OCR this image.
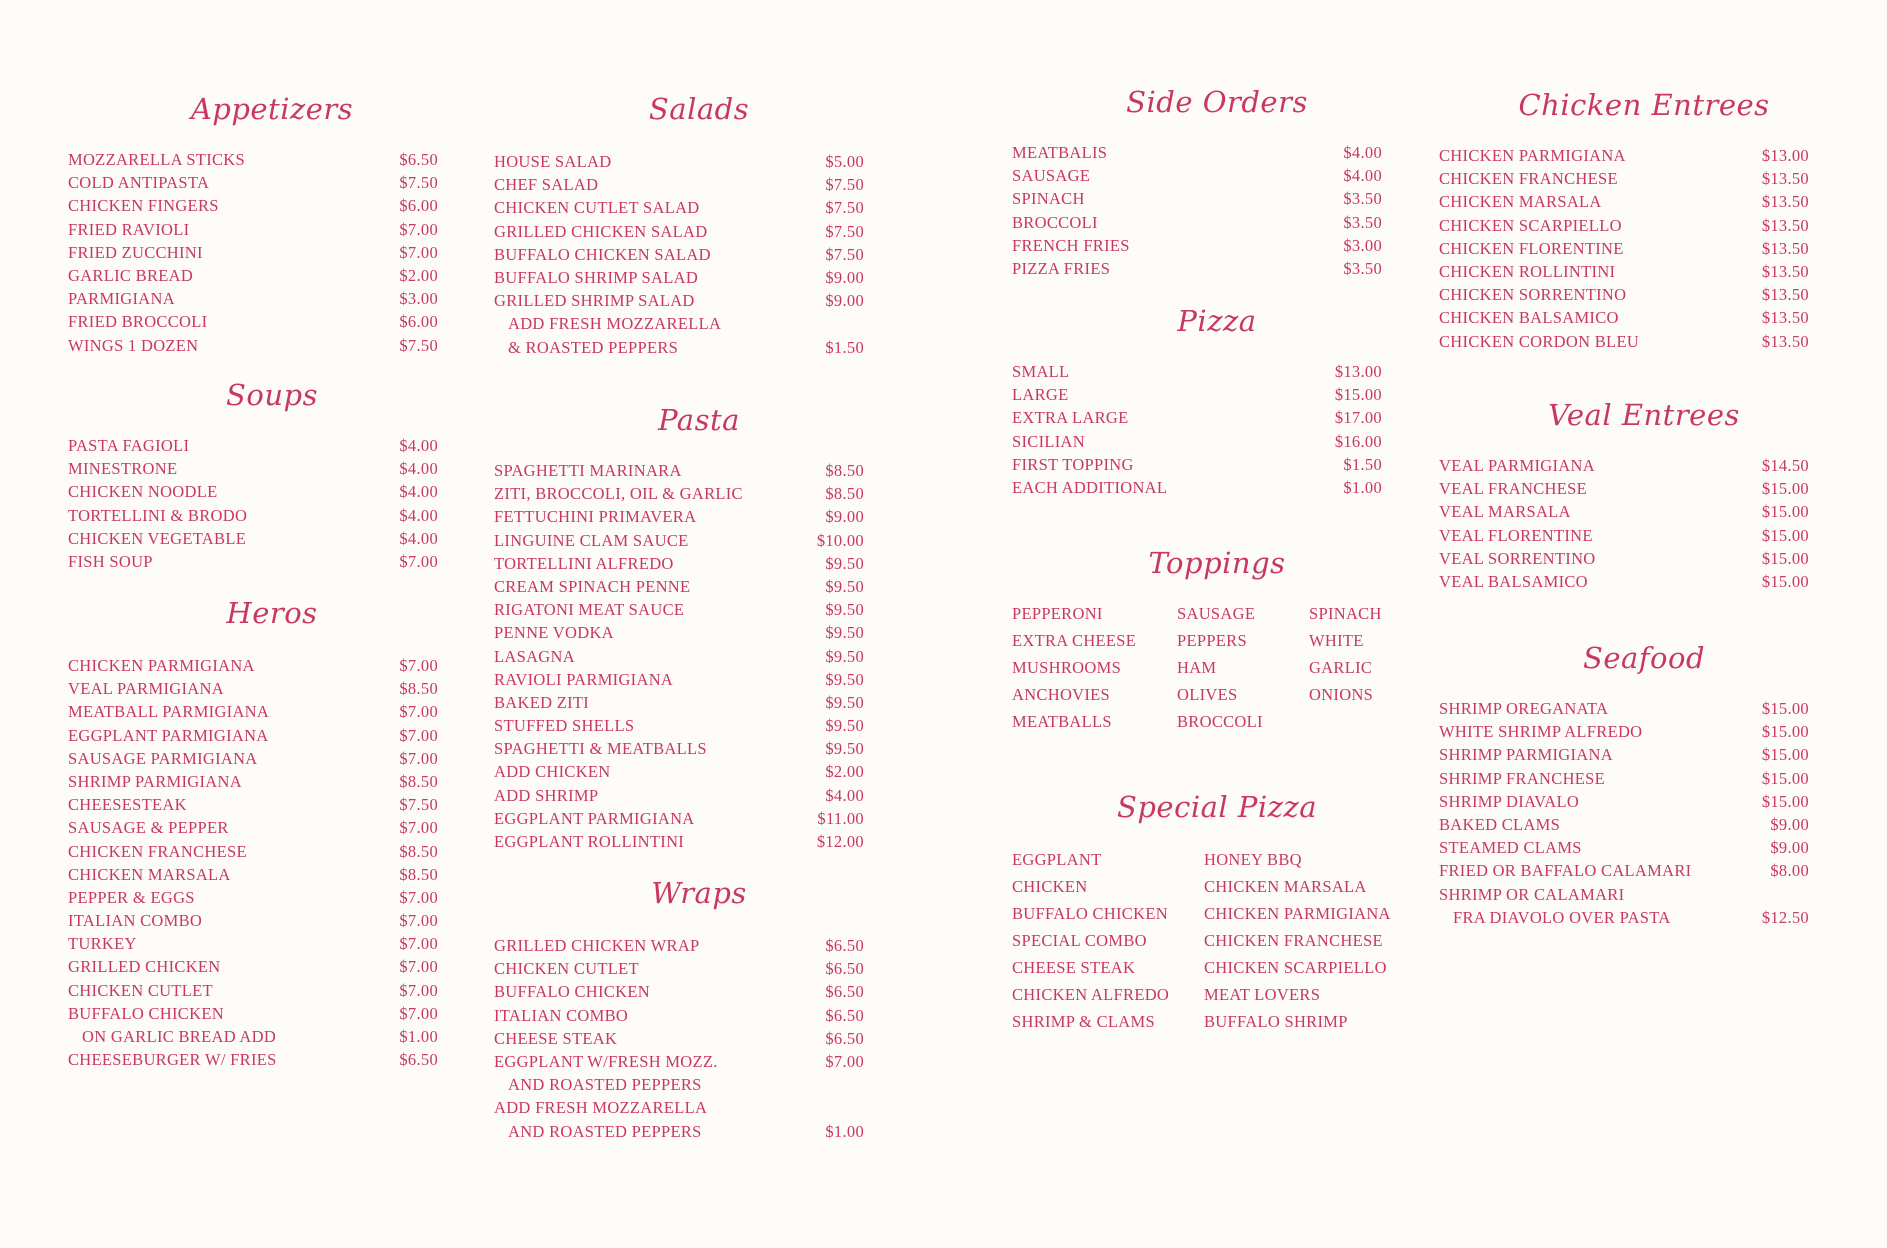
Appetizers
MOZZARELLA STICKS	$6.50
COLD ANTIPASTA	$7.50
CHICKEN FINGERS	$6.00
FRIED RAVIOLI	$7.00
FRIED ZUCCHINI	$7.00
GARLIC BREAD	$2.00
PARMIGIANA	$3.00
FRIED BROCCOLI	$6.00
WINGS 1 DOZEN	$7.50
Soups
PASTA FAGIOLI	$4.00
MINESTRONE	$4.00
CHICKEN NOODLE	$4.00
TORTELLINI & BRODO	$4.00
CHICKEN VEGETABLE	$4.00
FISH SOUP	$7.00
Heros
CHICKEN PARMIGIANA	$7.00
VEAL PARMIGIANA	$8.50
MEATBALL PARMIGIANA	$7.00
EGGPLANT PARMIGIANA	$7.00
SAUSAGE PARMIGIANA	$7.00
SHRIMP PARMIGIANA	$8.50
CHEESESTEAK	$7.50
SAUSAGE & PEPPER	$7.00
CHICKEN FRANCHESE	$8.50
CHICKEN MARSALA	$8.50
PEPPER & EGGS	$7.00
ITALIAN COMBO	$7.00
TURKEY	$7.00
GRILLED CHICKEN	$7.00
CHICKEN CUTLET	$7.00
BUFFALO CHICKEN	$7.00
ON GARLIC BREAD ADD	$1.00
CHEESEBURGER W/ FRIES	$6.50
Salads
HOUSE SALAD	$5.00
CHEF SALAD	$7.50
CHICKEN CUTLET SALAD	$7.50
GRILLED CHICKEN SALAD	$7.50
BUFFALO CHICKEN SALAD	$7.50
BUFFALO SHRIMP SALAD	$9.00
GRILLED SHRIMP SALAD	$9.00
ADD FRESH MOZZARELLA
& ROASTED PEPPERS	$1.50
Pasta
SPAGHETTI MARINARA	$8.50
ZITI, BROCCOLI, OIL & GARLIC	$8.50
FETTUCHINI PRIMAVERA	$9.00
LINGUINE CLAM SAUCE	$10.00
TORTELLINI ALFREDO	$9.50
CREAM SPINACH PENNE	$9.50
RIGATONI MEAT SAUCE	$9.50
PENNE VODKA	$9.50
LASAGNA	$9.50
RAVIOLI PARMIGIANA	$9.50
BAKED ZITI	$9.50
STUFFED SHELLS	$9.50
SPAGHETTI & MEATBALLS	$9.50
ADD CHICKEN	$2.00
ADD SHRIMP	$4.00
EGGPLANT PARMIGIANA	$11.00
EGGPLANT ROLLINTINI	$12.00
Wraps
GRILLED CHICKEN WRAP	$6.50
CHICKEN CUTLET	$6.50
BUFFALO CHICKEN	$6.50
ITALIAN COMBO	$6.50
CHEESE STEAK	$6.50
EGGPLANT W/FRESH MOZZ.	$7.00
AND ROASTED PEPPERS
ADD FRESH MOZZARELLA
AND ROASTED PEPPERS	$1.00
Side Orders
MEATBALIS	$4.00
SAUSAGE	$4.00
SPINACH	$3.50
BROCCOLI	$3.50
FRENCH FRIES	$3.00
PIZZA FRIES	$3.50
Pizza
SMALL	$13.00
LARGE	$15.00
EXTRA LARGE	$17.00
SICILIAN	$16.00
FIRST TOPPING	$1.50
EACH ADDITIONAL	$1.00
Toppings
PEPPERONI	SAUSAGE	SPINACH
EXTRA CHEESE	PEPPERS	WHITE
MUSHROOMS	HAM	GARLIC
ANCHOVIES	OLIVES	ONIONS
MEATBALLS	BROCCOLI
Special Pizza
EGGPLANT	HONEY BBQ
CHICKEN	CHICKEN MARSALA
BUFFALO CHICKEN	CHICKEN PARMIGIANA
SPECIAL COMBO	CHICKEN FRANCHESE
CHEESE STEAK	CHICKEN SCARPIELLO
CHICKEN ALFREDO	MEAT LOVERS
SHRIMP & CLAMS	BUFFALO SHRIMP
Chicken Entrees
CHICKEN PARMIGIANA	$13.00
CHICKEN FRANCHESE	$13.50
CHICKEN MARSALA	$13.50
CHICKEN SCARPIELLO	$13.50
CHICKEN FLORENTINE	$13.50
CHICKEN ROLLINTINI	$13.50
CHICKEN SORRENTINO	$13.50
CHICKEN BALSAMICO	$13.50
CHICKEN CORDON BLEU	$13.50
Veal Entrees
VEAL PARMIGIANA	$14.50
VEAL FRANCHESE	$15.00
VEAL MARSALA	$15.00
VEAL FLORENTINE	$15.00
VEAL SORRENTINO	$15.00
VEAL BALSAMICO	$15.00
Seafood
SHRIMP OREGANATA	$15.00
WHITE SHRIMP ALFREDO	$15.00
SHRIMP PARMIGIANA	$15.00
SHRIMP FRANCHESE	$15.00
SHRIMP DIAVALO	$15.00
BAKED CLAMS	$9.00
STEAMED CLAMS	$9.00
FRIED OR BAFFALO CALAMARI	$8.00
SHRIMP OR CALAMARI
FRA DIAVOLO OVER PASTA	$12.50
